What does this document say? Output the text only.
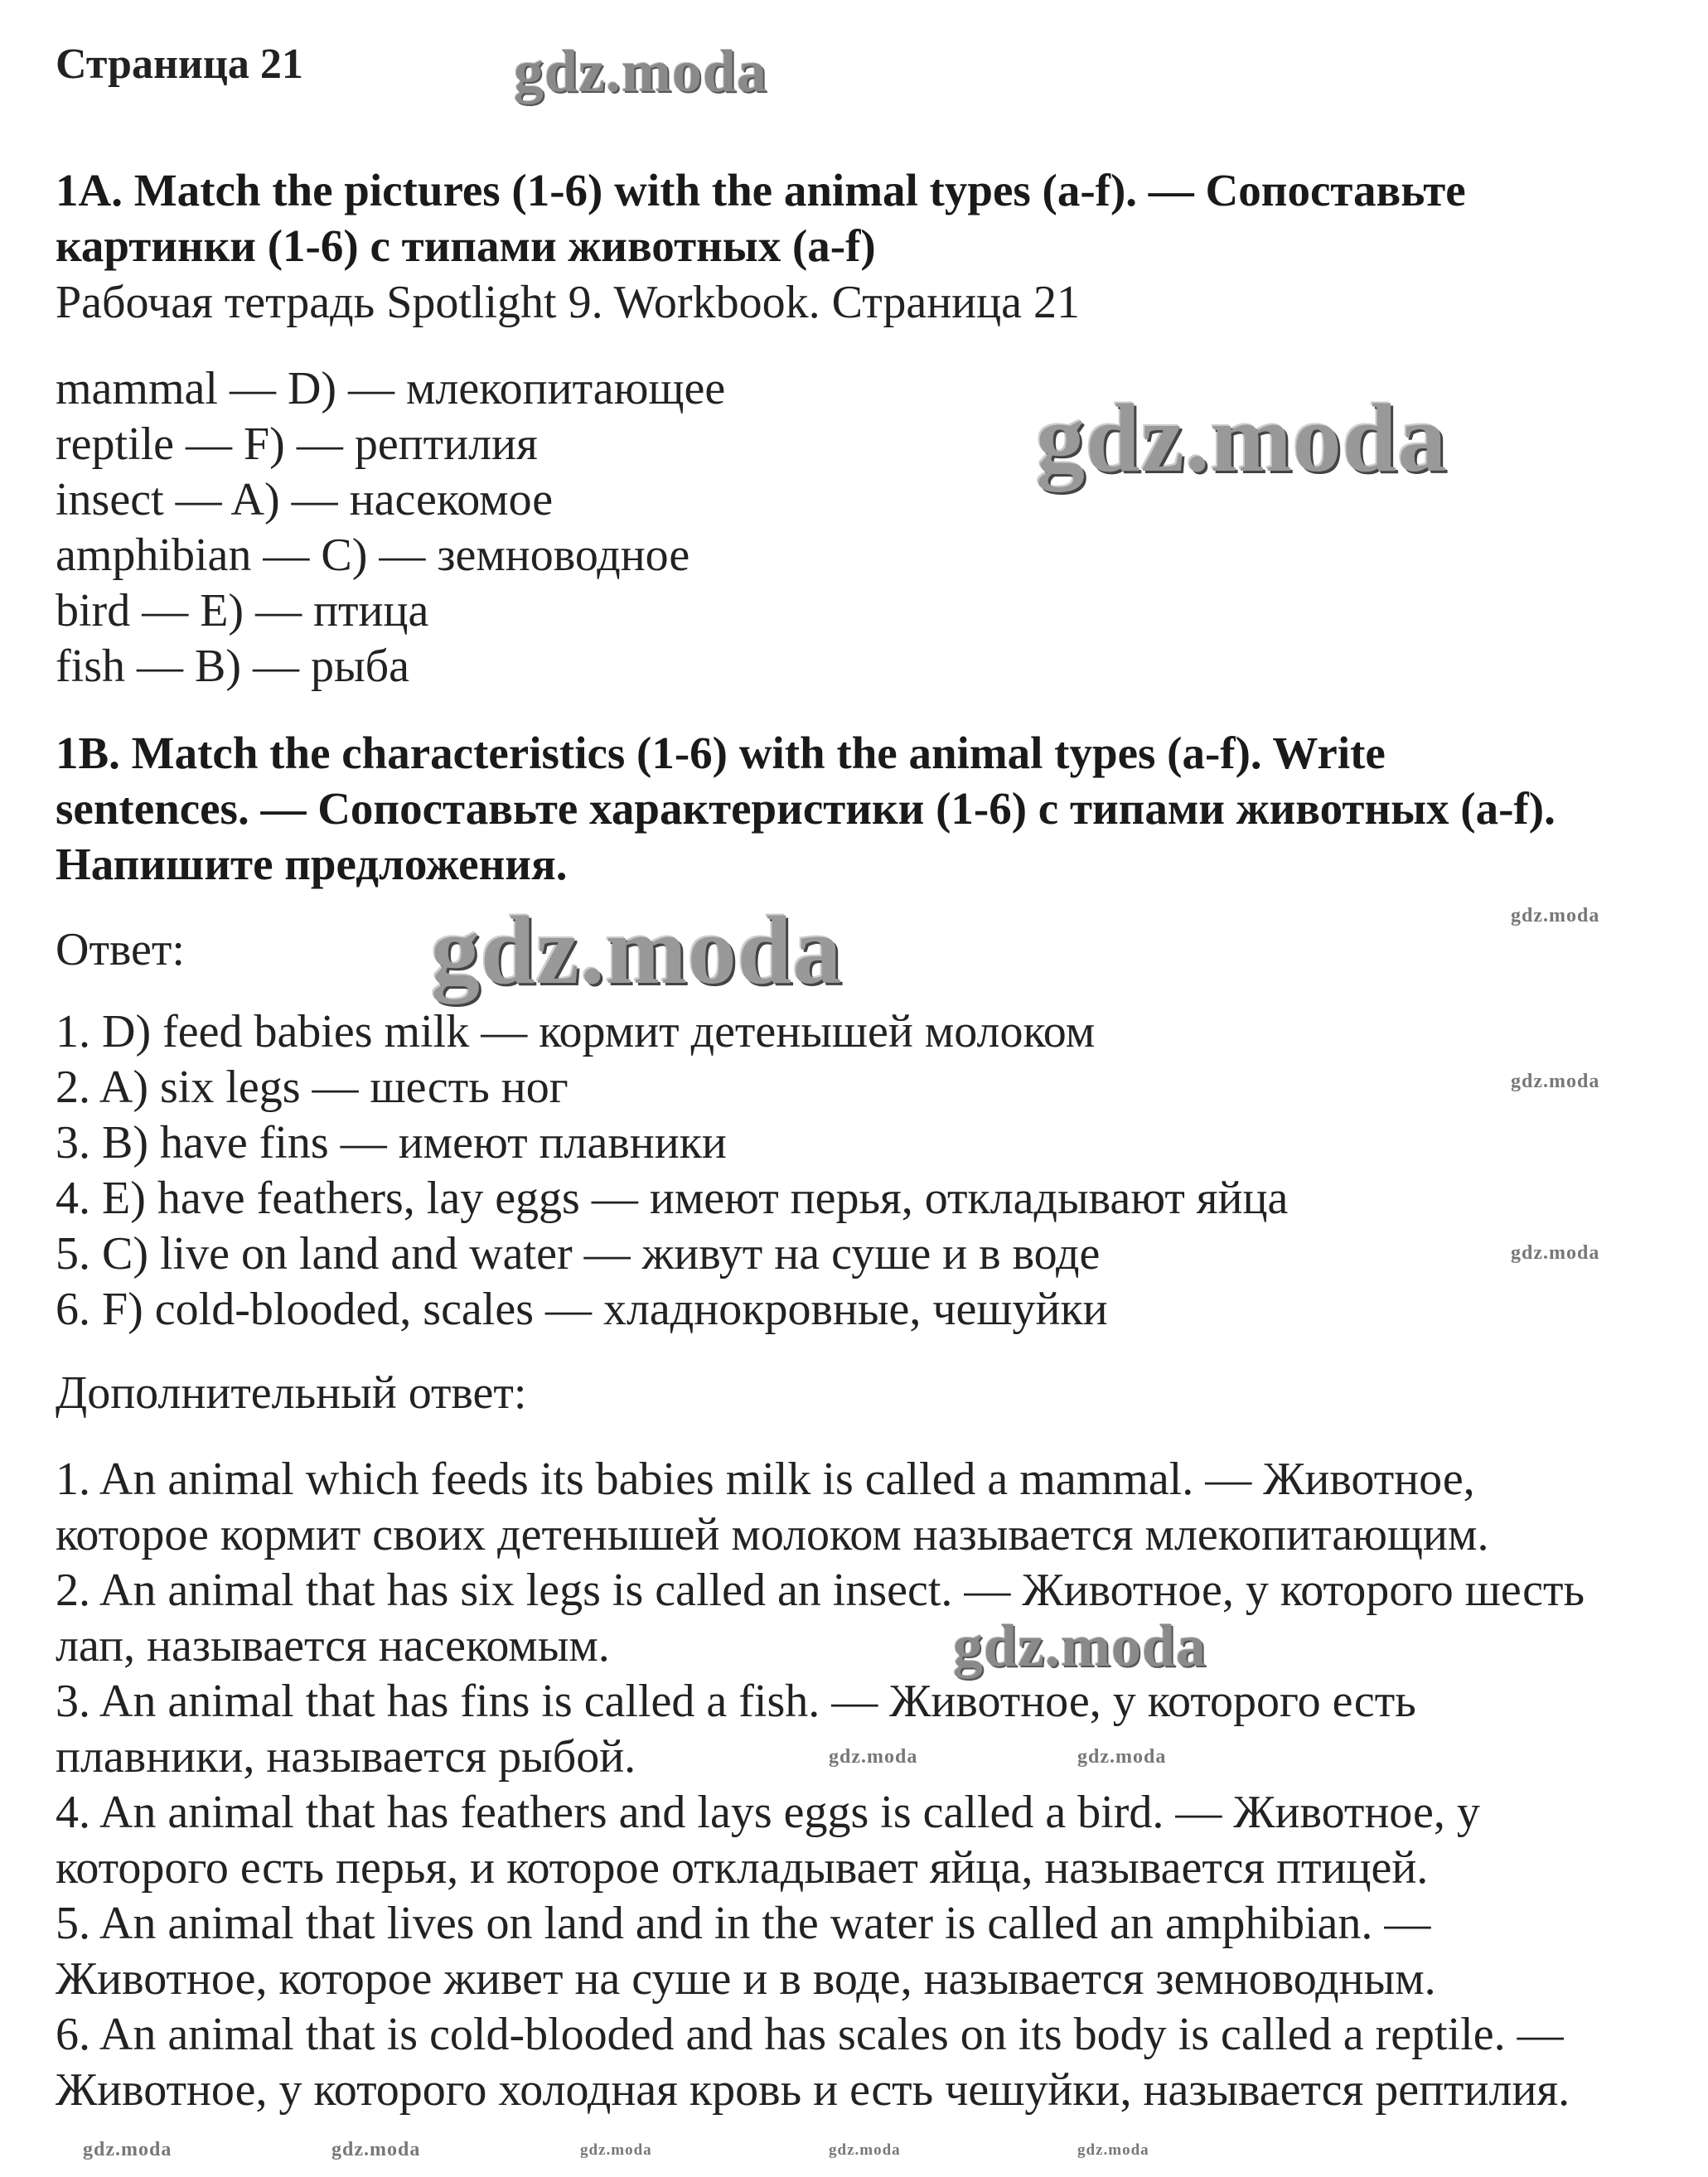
Страница 21
1A. Match the pictures (1-6) with the animal types (a-f). — Сопоставьте
картинки (1-6) с типами животных (a-f)
Рабочая тетрадь Spotlight 9. Workbook. Страница 21
mammal — D) — млекопитающее
reptile — F) — рептилия
insect — A) — насекомое
amphibian — C) — земноводное
bird — E) — птица
fish — B) — рыба
1B. Match the characteristics (1-6) with the animal types (a-f). Write
sentences. — Сопоставьте характеристики (1-6) с типами животных (a-f).
Напишите предложения.
Ответ:
1. D) feed babies milk — кормит детенышей молоком
2. A) six legs — шесть ног
3. B) have fins — имеют плавники
4. E) have feathers, lay eggs — имеют перья, откладывают яйца
5. C) live on land and water — живут на суше и в воде
6. F) cold-blooded, scales — хладнокровные, чешуйки
Дополнительный ответ:
1. An animal which feeds its babies milk is called a mammal. — Животное,
которое кормит своих детенышей молоком называется млекопитающим.
2. An animal that has six legs is called an insect. — Животное, у которого шесть
лап, называется насекомым.
3. An animal that has fins is called a fish. — Животное, у которого есть
плавники, называется рыбой.
4. An animal that has feathers and lays eggs is called a bird. — Животное, у
которого есть перья, и которое откладывает яйца, называется птицей.
5. An animal that lives on land and in the water is called an amphibian. —
Животное, которое живет на суше и в воде, называется земноводным.
6. An animal that is cold-blooded and has scales on its body is called a reptile. —
Животное, у которого холодная кровь и есть чешуйки, называется рептилия.
gdz.moda
gdz.moda
gdz.moda
gdz.moda
gdz.moda
gdz.moda
gdz.moda
gdz.moda	gdz.moda
gdz.moda	gdz.moda	gdz.moda	gdz.moda	gdz.moda
